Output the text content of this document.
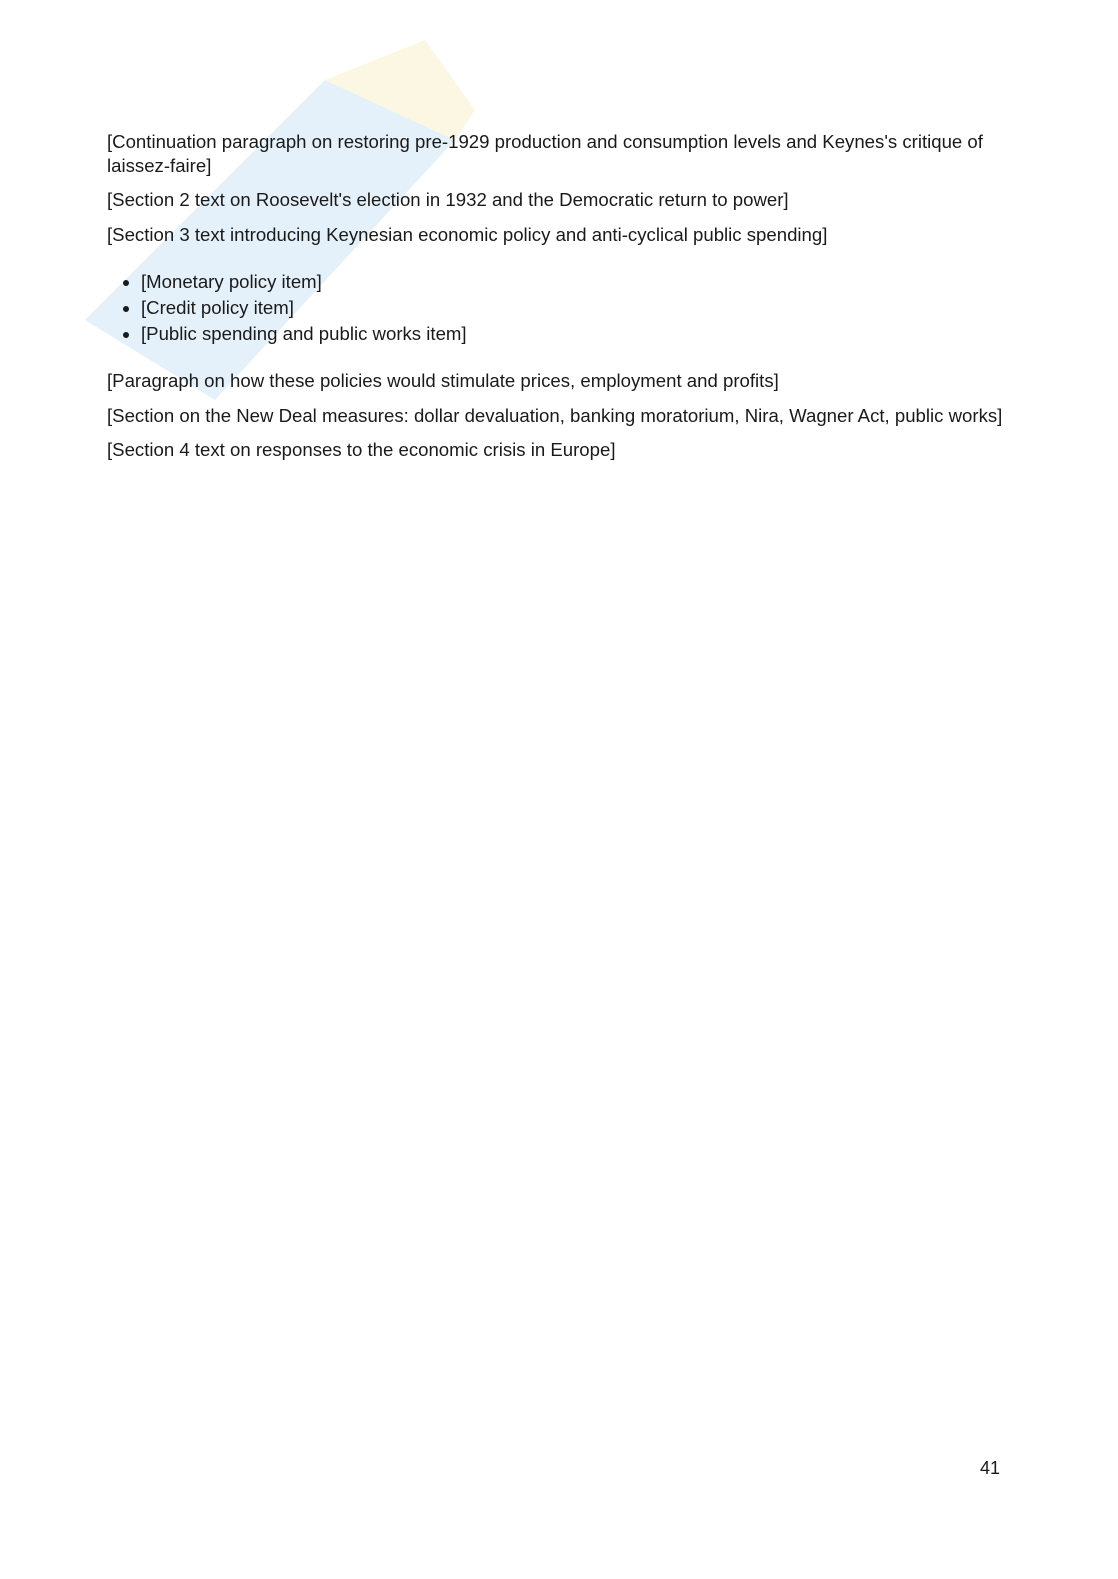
[Continuation paragraph on restoring pre-1929 production and consumption levels and Keynes's critique of laissez-faire]

[Section 2 text on Roosevelt's election in 1932 and the Democratic return to power]

[Section 3 text introducing Keynesian economic policy and anti-cyclical public spending]

• [Monetary policy item]
• [Credit policy item]
• [Public spending and public works item]

[Paragraph on how these policies would stimulate prices, employment and profits]

[Section on the New Deal measures: dollar devaluation, banking moratorium, Nira, Wagner Act, public works]

[Section 4 text on responses to the economic crisis in Europe]

41
